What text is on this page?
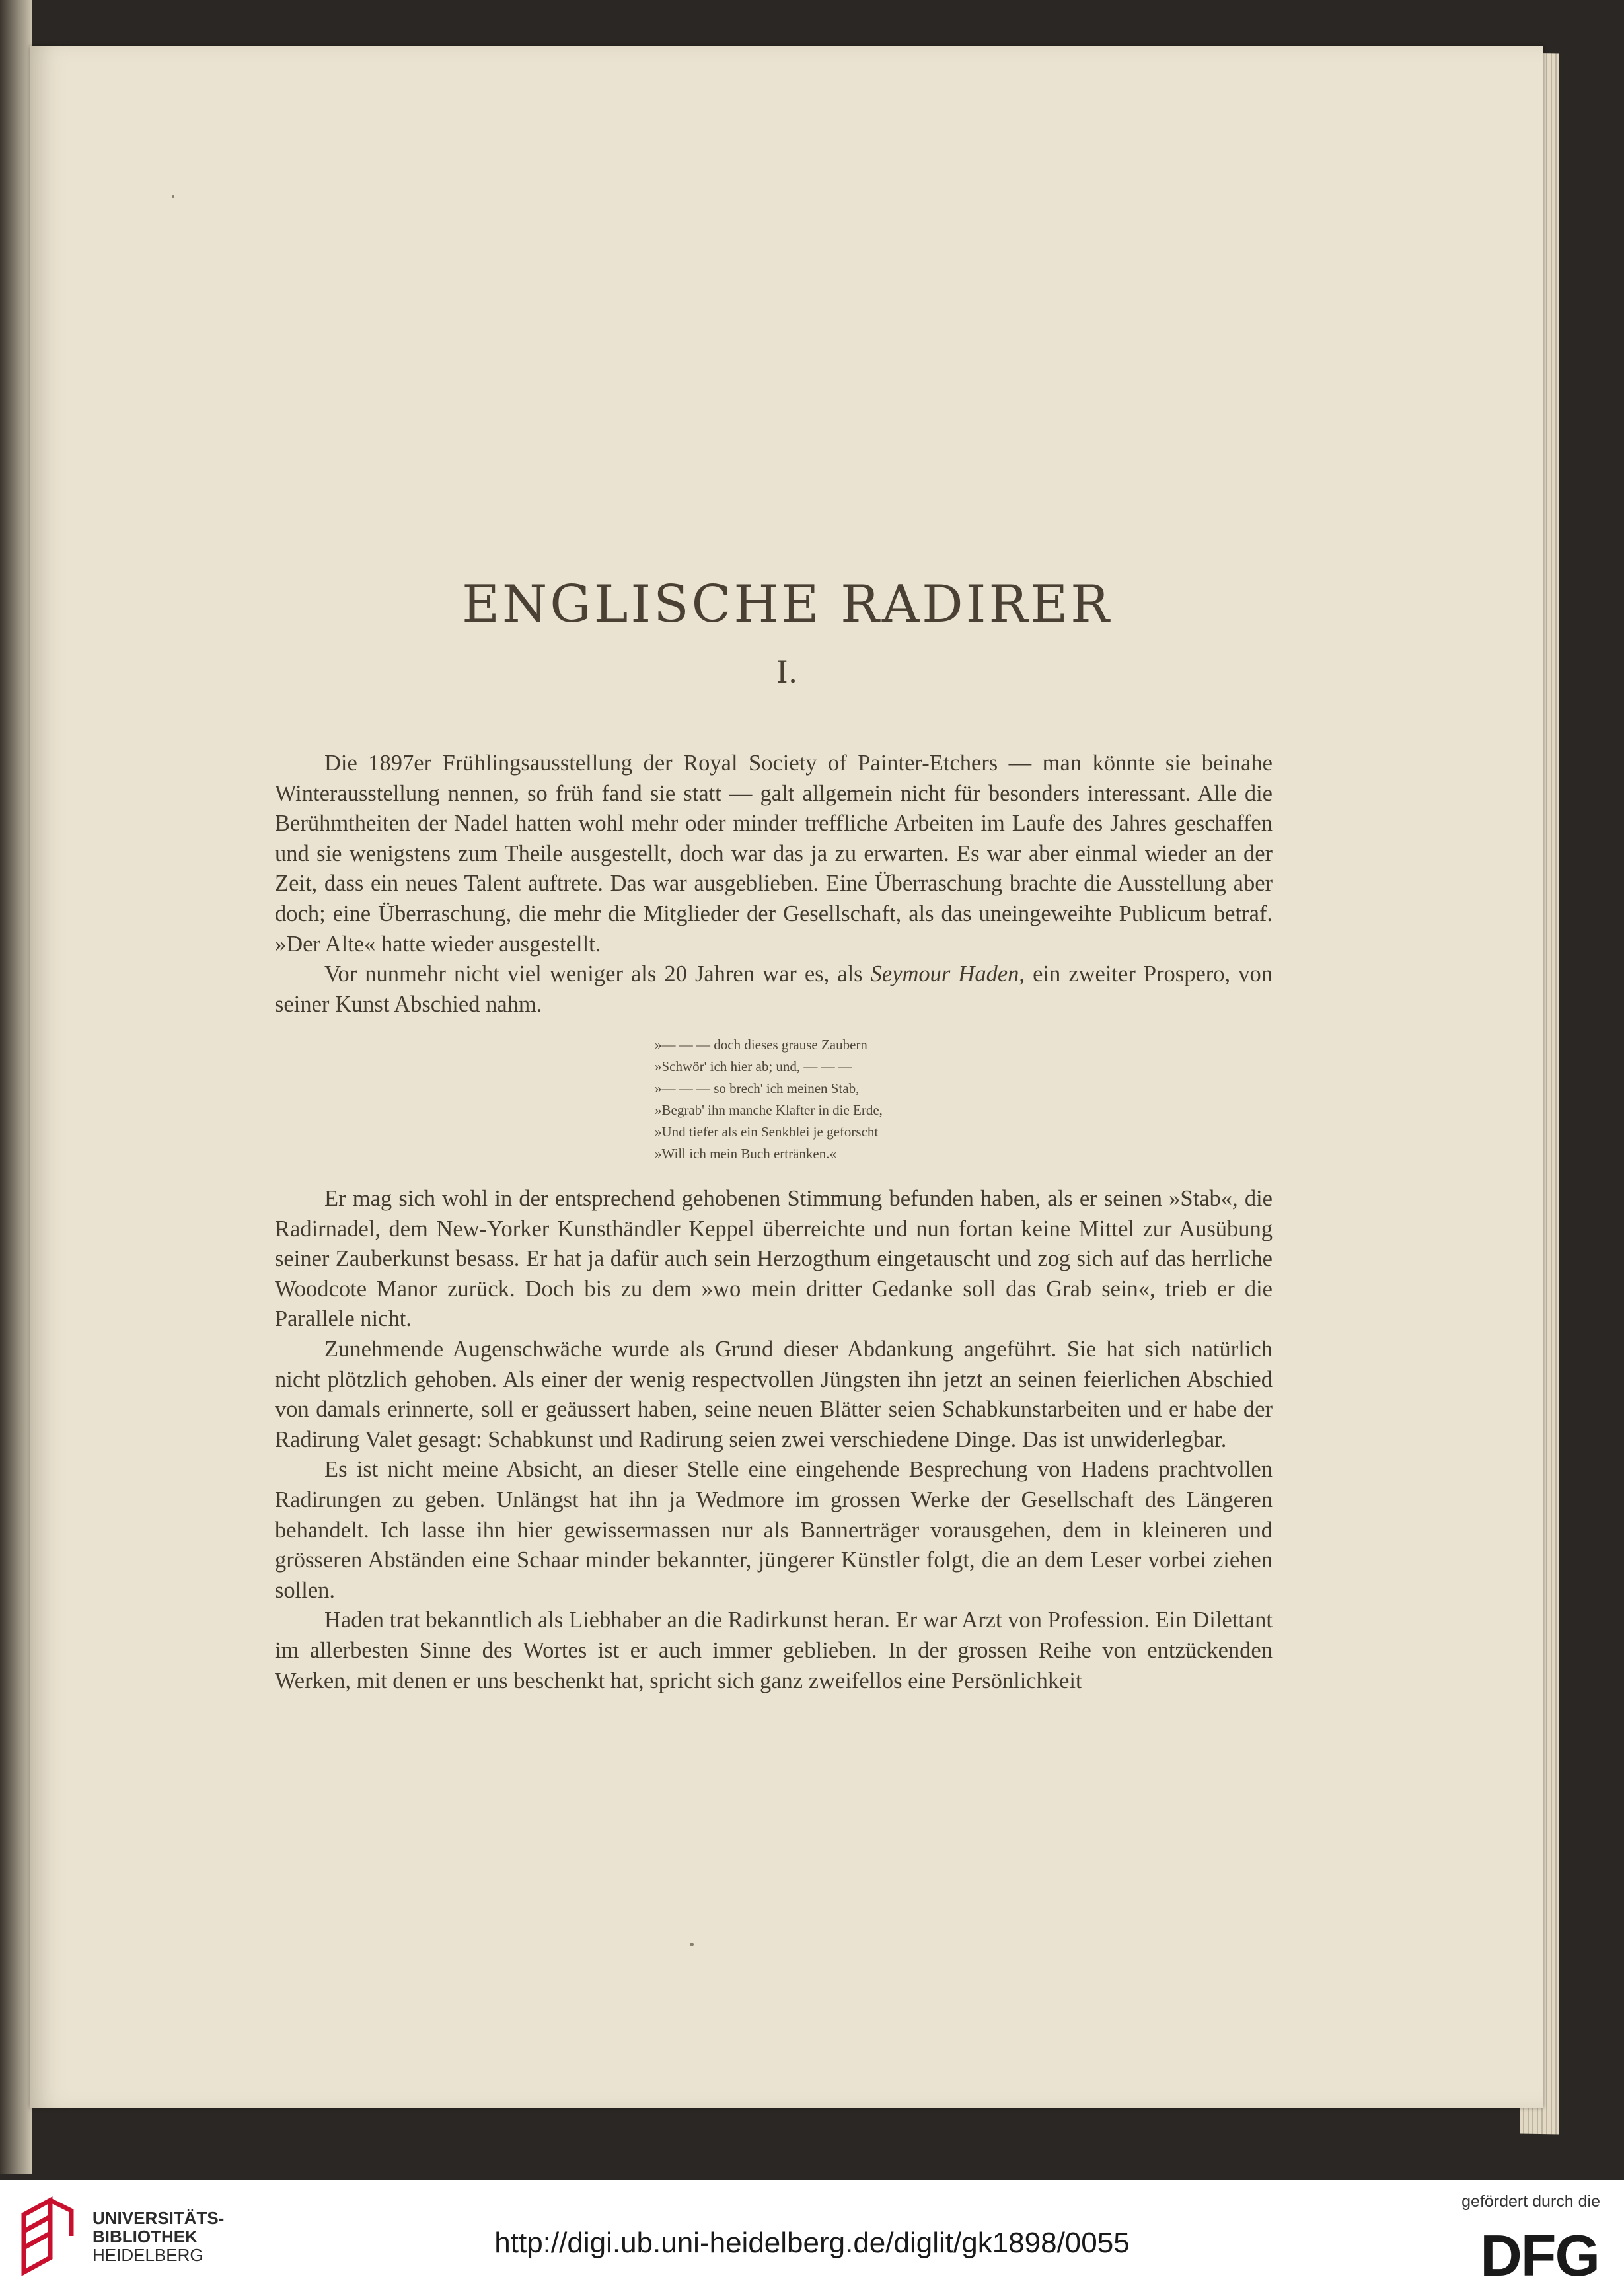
ENGLISCHE RADIRER
I.

Die 1897er Frühlingsausstellung der Royal Society of Painter-Etchers — man könnte sie beinahe Winterausstellung nennen, so früh fand sie statt — galt allgemein nicht für besonders interessant. Alle die Berühmtheiten der Nadel hatten wohl mehr oder minder treffliche Arbeiten im Laufe des Jahres geschaffen und sie wenigstens zum Theile ausgestellt, doch war das ja zu erwarten. Es war aber einmal wieder an der Zeit, dass ein neues Talent auftrete. Das war ausgeblieben. Eine Überraschung brachte die Ausstellung aber doch; eine Überraschung, die mehr die Mitglieder der Gesellschaft, als das uneingeweihte Publicum betraf. »Der Alte« hatte wieder ausgestellt.

Vor nunmehr nicht viel weniger als 20 Jahren war es, als Seymour Haden, ein zweiter Prospero, von seiner Kunst Abschied nahm.

»— — — doch dieses grause Zaubern
»Schwör' ich hier ab; und, — — —
»— — — so brech' ich meinen Stab,
»Begrab' ihn manche Klafter in die Erde,
»Und tiefer als ein Senkblei je geforscht
»Will ich mein Buch ertränken.«

Er mag sich wohl in der entsprechend gehobenen Stimmung befunden haben, als er seinen »Stab«, die Radirnadel, dem New-Yorker Kunsthändler Keppel überreichte und nun fortan keine Mittel zur Ausübung seiner Zauberkunst besass. Er hat ja dafür auch sein Herzogthum eingetauscht und zog sich auf das herrliche Woodcote Manor zurück. Doch bis zu dem »wo mein dritter Gedanke soll das Grab sein«, trieb er die Parallele nicht.

Zunehmende Augenschwäche wurde als Grund dieser Abdankung angeführt. Sie hat sich natürlich nicht plötzlich gehoben. Als einer der wenig respectvollen Jüngsten ihn jetzt an seinen feierlichen Abschied von damals erinnerte, soll er geäussert haben, seine neuen Blätter seien Schabkunstarbeiten und er habe der Radirung Valet gesagt: Schabkunst und Radirung seien zwei verschiedene Dinge. Das ist unwiderlegbar.

Es ist nicht meine Absicht, an dieser Stelle eine eingehende Besprechung von Hadens prachtvollen Radirungen zu geben. Unlängst hat ihn ja Wedmore im grossen Werke der Gesellschaft des Längeren behandelt. Ich lasse ihn hier gewissermassen nur als Bannerträger vorausgehen, dem in kleineren und grösseren Abständen eine Schaar minder bekannter, jüngerer Künstler folgt, die an dem Leser vorbei ziehen sollen.

Haden trat bekanntlich als Liebhaber an die Radirkunst heran. Er war Arzt von Profession. Ein Dilettant im allerbesten Sinne des Wortes ist er auch immer geblieben. In der grossen Reihe von entzückenden Werken, mit denen er uns beschenkt hat, spricht sich ganz zweifellos eine Persönlichkeit

UNIVERSITÄTS-
BIBLIOTHEK
HEIDELBERG	http://digi.ub.uni-heidelberg.de/diglit/gk1898/0055
gefördert durch die
DFG
